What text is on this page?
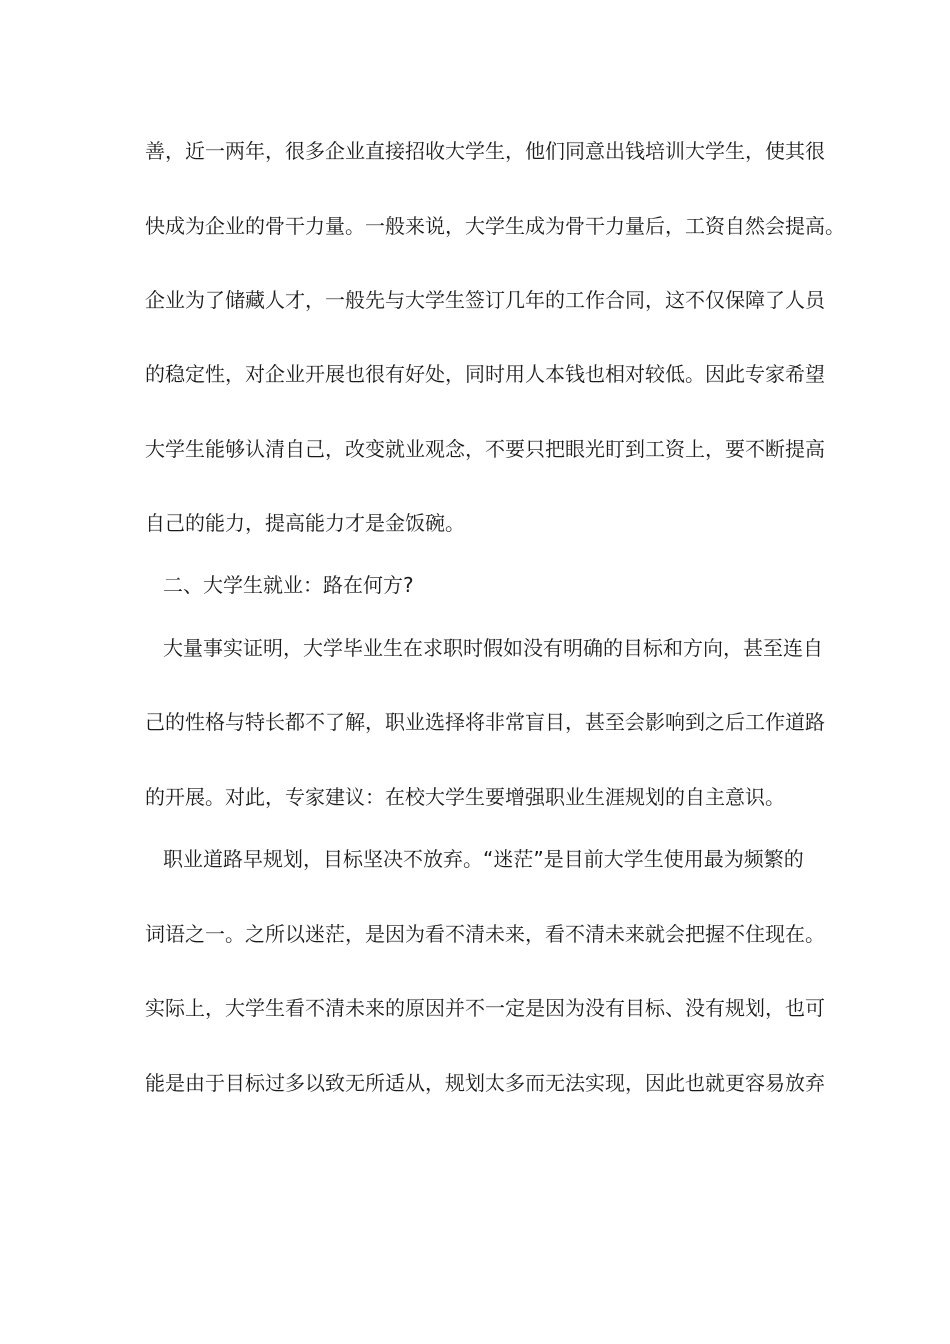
善，近一两年，很多企业直接招收大学生，他们同意出钱培训大学生，使其很
快成为企业的骨干力量。一般来说，大学生成为骨干力量后，工资自然会提高。
企业为了储藏人才，一般先与大学生签订几年的工作合同，这不仅保障了人员
的稳定性，对企业开展也很有好处，同时用人本钱也相对较低。因此专家希望
大学生能够认清自己，改变就业观念，不要只把眼光盯到工资上，要不断提高
自己的能力，提高能力才是金饭碗。
二、大学生就业：路在何方?
大量事实证明，大学毕业生在求职时假如没有明确的目标和方向，甚至连自
己的性格与特长都不了解，职业选择将非常盲目，甚至会影响到之后工作道路
的开展。对此，专家建议：在校大学生要增强职业生涯规划的自主意识。
职业道路早规划，目标坚决不放弃。“迷茫”是目前大学生使用最为频繁的
词语之一。之所以迷茫，是因为看不清未来，看不清未来就会把握不住现在。
实际上，大学生看不清未来的原因并不一定是因为没有目标、没有规划，也可
能是由于目标过多以致无所适从，规划太多而无法实现，因此也就更容易放弃
